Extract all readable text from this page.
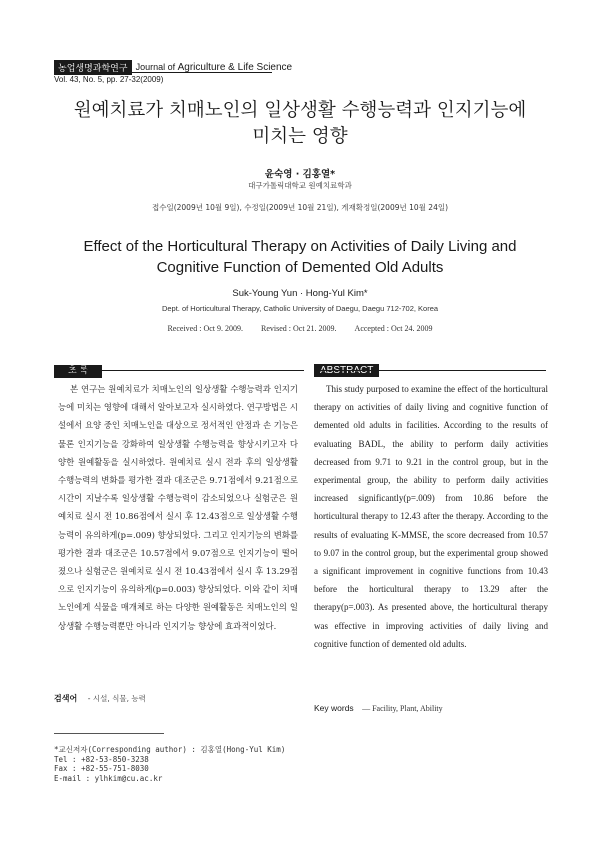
농업생명과학연구 Journal of Agriculture & Life Science
Vol. 43, No. 5, pp. 27-32(2009)
원예치료가 치매노인의 일상생활 수행능력과 인지기능에
미치는 영향
윤숙영 · 김홍열*
대구가톨릭대학교 원예치료학과
접수일(2009년 10월 9일), 수정일(2009년 10월 21일), 게재확정일(2009년 10월 24일)
Effect of the Horticultural Therapy on Activities of Daily Living and
Cognitive Function of Demented Old Adults
Suk-Young Yun · Hong-Yul Kim*
Dept. of Horticultural Therapy, Catholic University of Daegu, Daegu 712-702, Korea
Received : Oct 9. 2009. Revised : Oct 21. 2009. Accepted : Oct 24. 2009
초 록	ABSTRACT

본 연구는 원예치료가 치매노인의 일상생활 수행능력과 인지기능에 미치는 영향에 대해서 알아보고자 실시하였다. 연구방법은 시설에서 요양 중인 치매노인을 대상으로 정서적인 안정과 손 기능은 물론 인지기능을 강화하여 일상생활 수행능력을 향상시키고자 다양한 원예활동을 실시하였다. 원예치료 실시 전과 후의 일상생활 수행능력의 변화를 평가한 결과 대조군은 9.71점에서 9.21점으로 시간이 지날수록 일상생활 수행능력이 감소되었으나 실험군은 원예치료 실시 전 10.86점에서 실시 후 12.43점으로 일상생활 수행능력이 유의하게(p=.009) 향상되었다. 그리고 인지기능의 변화를 평가한 결과 대조군은 10.57점에서 9.07점으로 인지기능이 떨어졌으나 실험군은 원예치료 실시 전 10.43점에서 실시 후 13.29점으로 인지기능이 유의하게(p=0.003) 향상되었다. 이와 같이 치매노인에게 식물을 매개체로 하는 다양한 원예활동은 치매노인의 일상생활 수행능력뿐만 아니라 인지기능 향상에 효과적이었다.

This study purposed to examine the effect of the horticultural therapy on activities of daily living and cognitive function of demented old adults in facilities. According to the results of evaluating BADL, the ability to perform daily activities decreased from 9.71 to 9.21 in the control group, but in the experimental group, the ability to perform daily activities increased significantly(p=.009) from 10.86 before the horticultural therapy to 12.43 after the therapy. According to the results of evaluating K-MMSE, the score decreased from 10.57 to 9.07 in the control group, but the experimental group showed a significant improvement in cognitive functions from 10.43 before the horticultural therapy to 13.29 after the therapy(p=.003). As presented above, the horticultural therapy was effective in improving activities of daily living and cognitive function of demented old adults.

검색어 - 시설, 식물, 능력
Key words — Facility, Plant, Ability
*교신저자(Corresponding author) : 김홍열(Hong-Yul Kim)
Tel : +82-53-850-3238
Fax : +82-55-751-8030
E-mail : ylhkim@cu.ac.kr
